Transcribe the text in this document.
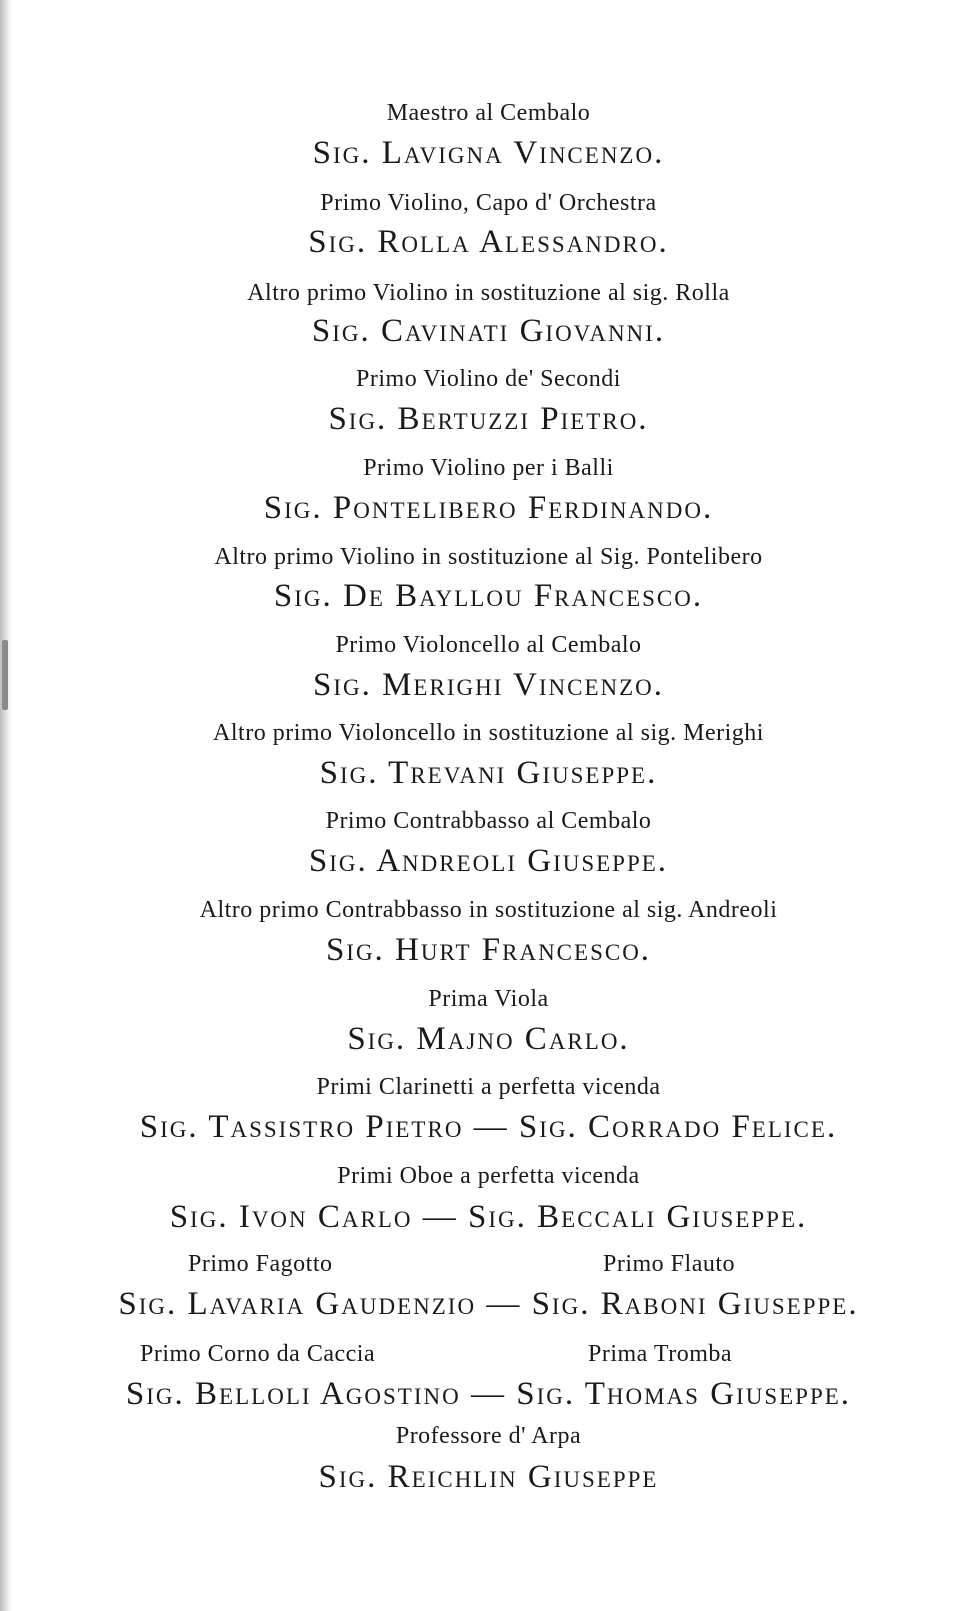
Maestro al Cembalo
Sig. Lavigna Vincenzo.
Primo Violino, Capo d' Orchestra
Sig. Rolla Alessandro.
Altro primo Violino in sostituzione al sig. Rolla
Sig. Cavinati Giovanni.
Primo Violino de' Secondi
Sig. Bertuzzi Pietro.
Primo Violino per i Balli
Sig. Pontelibero Ferdinando.
Altro primo Violino in sostituzione al Sig. Pontelibero
Sig. De Bayllou Francesco.
Primo Violoncello al Cembalo
Sig. Merighi Vincenzo.
Altro primo Violoncello in sostituzione al sig. Merighi
Sig. Trevani Giuseppe.
Primo Contrabbasso al Cembalo
Sig. Andreoli Giuseppe.
Altro primo Contrabbasso in sostituzione al sig. Andreoli
Sig. Hurt Francesco.
Prima Viola
Sig. Majno Carlo.
Primi Clarinetti a perfetta vicenda
Sig. Tassistro Pietro — Sig. Corrado Felice.
Primi Oboe a perfetta vicenda
Sig. Ivon Carlo — Sig. Beccali Giuseppe.
Primo Fagotto	Primo Flauto
Sig. Lavaria Gaudenzio — Sig. Raboni Giuseppe.
Primo Corno da Caccia	Prima Tromba
Sig. Belloli Agostino — Sig. Thomas Giuseppe.
Professore d' Arpa
Sig. Reichlin Giuseppe
